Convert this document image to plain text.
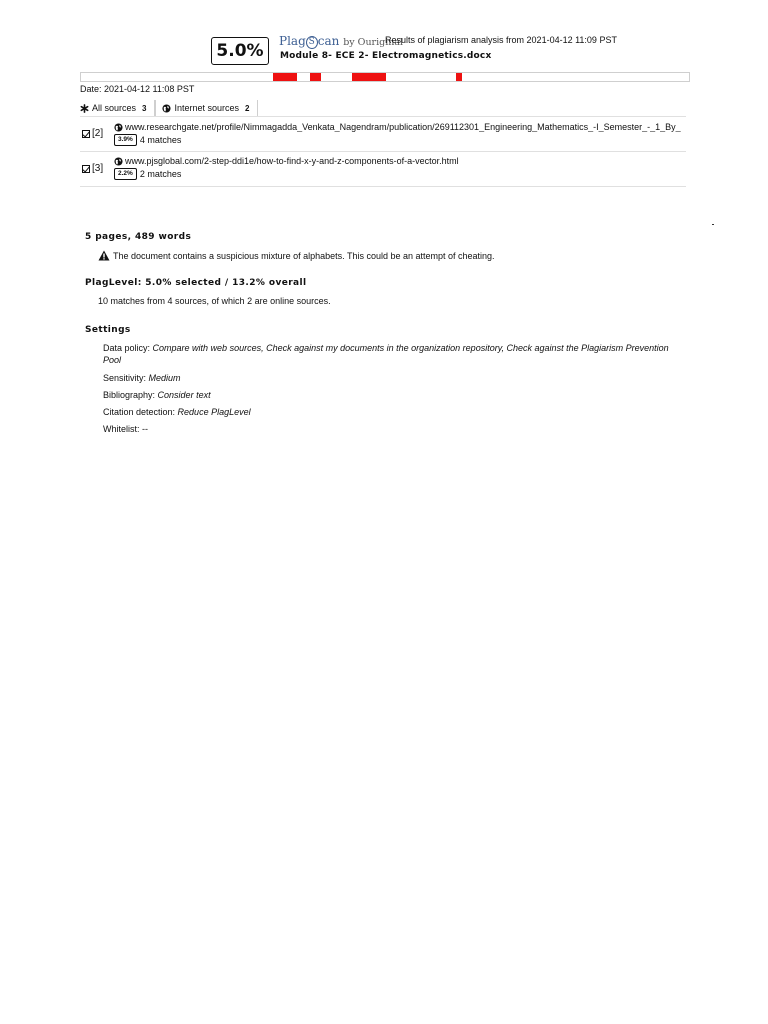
5.0% Plag S can by Ouriginal
Results of plagiarism analysis from 2021-04-12 11:09 PST
Module 8- ECE 2- Electromagnetics.docx
Date: 2021-04-12 11:08 PST
All sources 3	Internet sources 2
[2]
www.researchgate.net/profile/Nimmagadda_Venkata_Nagendram/publication/269112301_Engineering_Mathematics_-I_Semester_-_1_By_
3.9% 4 matches
[3]
www.pjsglobal.com/2-step-ddi1e/how-to-find-x-y-and-z-components-of-a-vector.html
2.2% 2 matches
5 pages, 489 words
The document contains a suspicious mixture of alphabets. This could be an attempt of cheating.
PlagLevel: 5.0% selected / 13.2% overall
10 matches from 4 sources, of which 2 are online sources.
Settings
Data policy: Compare with web sources, Check against my documents in the organization repository, Check against the Plagiarism Prevention Pool
Sensitivity: Medium
Bibliography: Consider text
Citation detection: Reduce PlagLevel
Whitelist: --
